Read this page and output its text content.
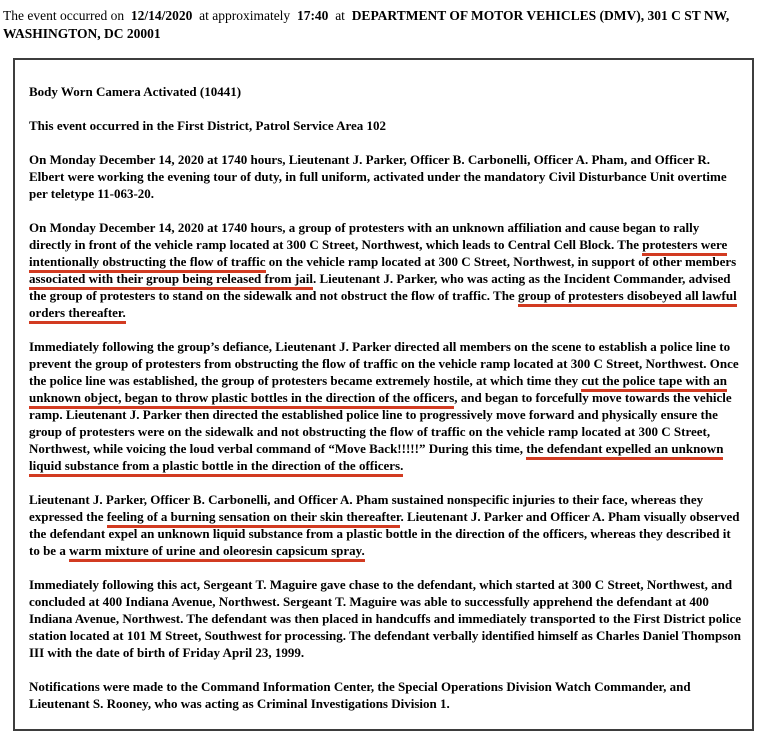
The event occurred on  12/14/2020  at approximately  17:40  at  DEPARTMENT OF MOTOR VEHICLES (DMV), 301 C ST NW, WASHINGTON, DC 20001

Body Worn Camera Activated (10441)

This event occurred in the First District, Patrol Service Area 102

On Monday December 14, 2020 at 1740 hours, Lieutenant J. Parker, Officer B. Carbonelli, Officer A. Pham, and Officer R. Elbert were working the evening tour of duty, in full uniform, activated under the mandatory Civil Disturbance Unit overtime per teletype 11-063-20.

On Monday December 14, 2020 at 1740 hours, a group of protesters with an unknown affiliation and cause began to rally directly in front of the vehicle ramp located at 300 C Street, Northwest, which leads to Central Cell Block. The protesters were intentionally obstructing the flow of traffic on the vehicle ramp located at 300 C Street, Northwest, in support of other members associated with their group being released from jail. Lieutenant J. Parker, who was acting as the Incident Commander, advised the group of protesters to stand on the sidewalk and not obstruct the flow of traffic. The group of protesters disobeyed all lawful orders thereafter.

Immediately following the group’s defiance, Lieutenant J. Parker directed all members on the scene to establish a police line to prevent the group of protesters from obstructing the flow of traffic on the vehicle ramp located at 300 C Street, Northwest. Once the police line was established, the group of protesters became extremely hostile, at which time they cut the police tape with an unknown object, began to throw plastic bottles in the direction of the officers, and began to forcefully move towards the vehicle ramp. Lieutenant J. Parker then directed the established police line to progressively move forward and physically ensure the group of protesters were on the sidewalk and not obstructing the flow of traffic on the vehicle ramp located at 300 C Street, Northwest, while voicing the loud verbal command of “Move Back!!!!!” During this time, the defendant expelled an unknown liquid substance from a plastic bottle in the direction of the officers.

Lieutenant J. Parker, Officer B. Carbonelli, and Officer A. Pham sustained nonspecific injuries to their face, whereas they expressed the feeling of a burning sensation on their skin thereafter. Lieutenant J. Parker and Officer A. Pham visually observed the defendant expel an unknown liquid substance from a plastic bottle in the direction of the officers, whereas they described it to be a warm mixture of urine and oleoresin capsicum spray.

Immediately following this act, Sergeant T. Maguire gave chase to the defendant, which started at 300 C Street, Northwest, and concluded at 400 Indiana Avenue, Northwest. Sergeant T. Maguire was able to successfully apprehend the defendant at 400 Indiana Avenue, Northwest. The defendant was then placed in handcuffs and immediately transported to the First District police station located at 101 M Street, Southwest for processing. The defendant verbally identified himself as Charles Daniel Thompson III with the date of birth of Friday April 23, 1999.

Notifications were made to the Command Information Center, the Special Operations Division Watch Commander, and Lieutenant S. Rooney, who was acting as Criminal Investigations Division 1.
